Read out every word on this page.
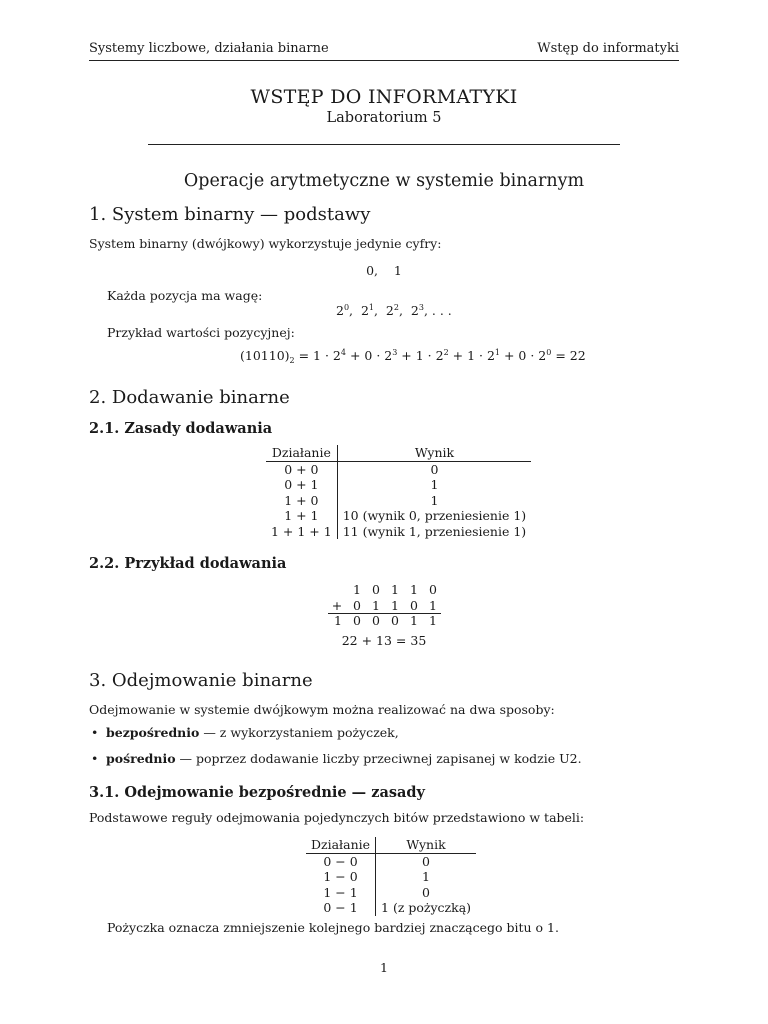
Systemy liczbowe, działania binarne	Wstęp do informatyki
WSTĘP DO INFORMATYKI
Laboratorium 5
Operacje arytmetyczne w systemie binarnym
1. System binarny — podstawy
System binarny (dwójkowy) wykorzystuje jedynie cyfry:
0,    1
Każda pozycja ma wagę:
$2^0$,  $2^1$,  $2^2$,  $2^3$, . . .
Przykład wartości pozycyjnej:
$(10110)_2 = 1 \cdot 2^4 + 0 \cdot 2^3 + 1 \cdot 2^2 + 1 \cdot 2^1 + 0 \cdot 2^0 = 22$
2. Dodawanie binarne
2.1. Zasady dodawania
Działanie	Wynik
0 + 0	0
0 + 1	1
1 + 0	1
1 + 1	10 (wynik 0, przeniesienie 1)
1 + 1 + 1	11 (wynik 1, przeniesienie 1)
2.2. Przykład dodawania
1 0 1 1 0
+ 0 1 1 0 1
1 0 0 0 1 1
22 + 13 = 35
3. Odejmowanie binarne
Odejmowanie w systemie dwójkowym można realizować na dwa sposoby:
• bezpośrednio — z wykorzystaniem pożyczek,
• pośrednio — poprzez dodawanie liczby przeciwnej zapisanej w kodzie U2.
3.1. Odejmowanie bezpośrednie — zasady
Podstawowe reguły odejmowania pojedynczych bitów przedstawiono w tabeli:
Działanie	Wynik
0 − 0	0
1 − 0	1
1 − 1	0
0 − 1	1 (z pożyczką)
Pożyczka oznacza zmniejszenie kolejnego bardziej znaczącego bitu o 1.
1
